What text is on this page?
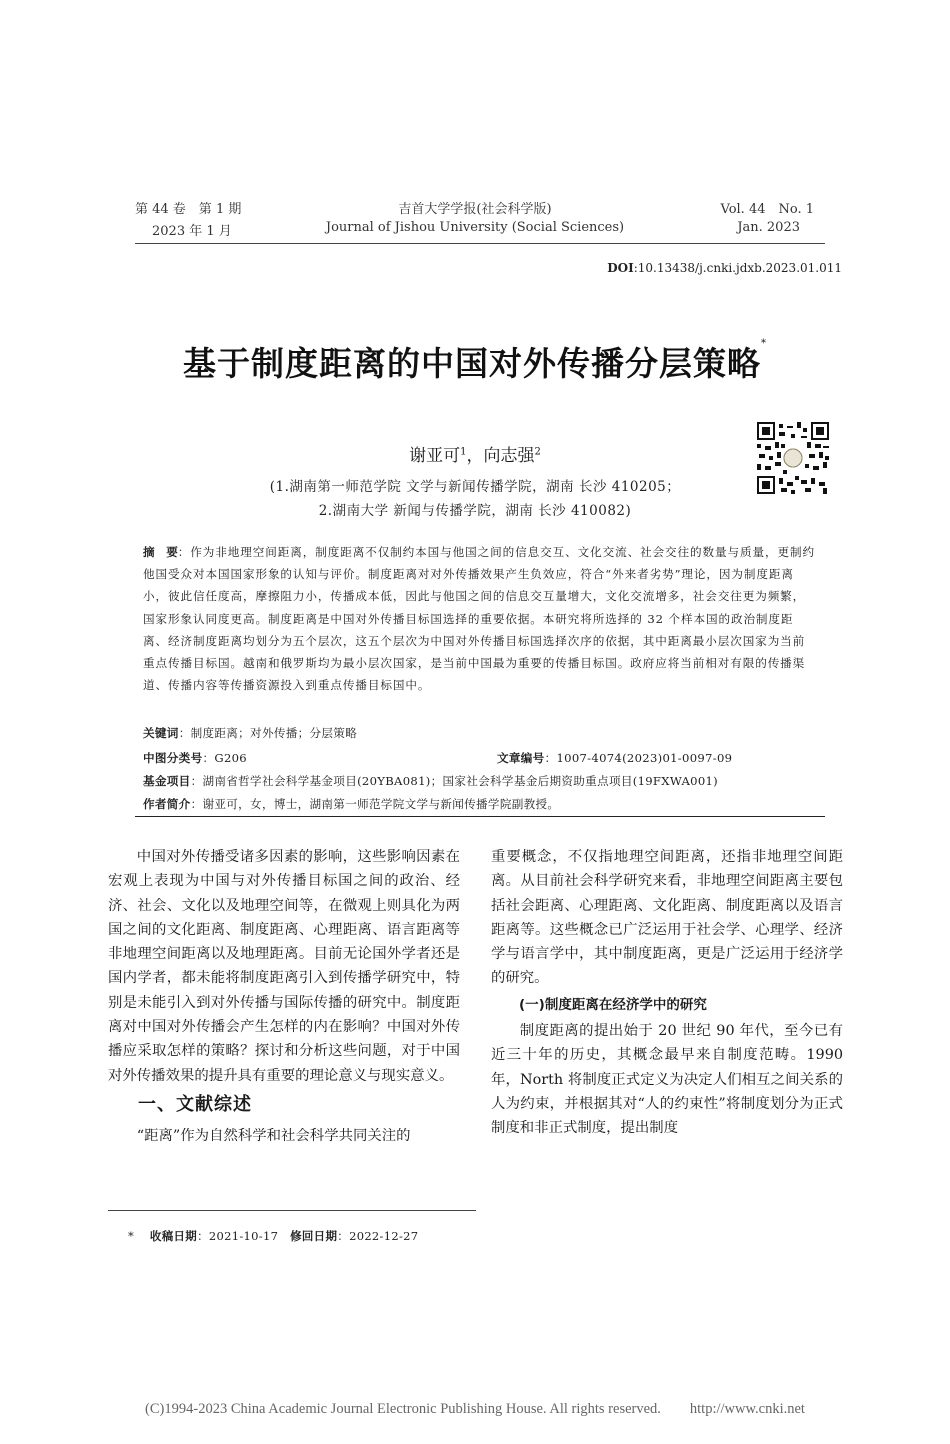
第 44 卷　第 1 期
2023 年 1 月
吉首大学学报(社会科学版)
Journal of Jishou University (Social Sciences)
Vol. 44　No. 1
Jan. 2023
DOI:10.13438/j.cnki.jdxb.2023.01.011
基于制度距离的中国对外传播分层策略*
谢亚可$^1$，向志强$^2$
(1.湖南第一师范学院 文学与新闻传播学院，湖南 长沙 410205；
2.湖南大学 新闻与传播学院，湖南 长沙 410082)
摘　要：作为非地理空间距离，制度距离不仅制约本国与他国之间的信息交互、文化交流、社会交往的数量与质量，更制约他国受众对本国国家形象的认知与评价。制度距离对对外传播效果产生负效应，符合“外来者劣势”理论，因为制度距离小，彼此信任度高，摩擦阻力小，传播成本低，因此与他国之间的信息交互量增大，文化交流增多，社会交往更为频繁，国家形象认同度更高。制度距离是中国对外传播目标国选择的重要依据。本研究将所选择的 32 个样本国的政治制度距离、经济制度距离均划分为五个层次，这五个层次为中国对外传播目标国选择次序的依据，其中距离最小层次国家为当前重点传播目标国。越南和俄罗斯均为最小层次国家，是当前中国最为重要的传播目标国。政府应将当前相对有限的传播渠道、传播内容等传播资源投入到重点传播目标国中。
关键词：制度距离；对外传播；分层策略
中图分类号：G206	文章编号：1007-4074(2023)01-0097-09
基金项目：湖南省哲学社会科学基金项目(20YBA081)；国家社会科学基金后期资助重点项目(19FXWA001)
作者简介：谢亚可，女，博士，湖南第一师范学院文学与新闻传播学院副教授。

中国对外传播受诸多因素的影响，这些影响因素在宏观上表现为中国与对外传播目标国之间的政治、经济、社会、文化以及地理空间等，在微观上则具化为两国之间的文化距离、制度距离、心理距离、语言距离等非地理空间距离以及地理距离。目前无论国外学者还是国内学者，都未能将制度距离引入到传播学研究中，特别是未能引入到对外传播与国际传播的研究中。制度距离对中国对外传播会产生怎样的内在影响？中国对外传播应采取怎样的策略？探讨和分析这些问题，对于中国对外传播效果的提升具有重要的理论意义与现实意义。

一、文献综述

“距离”作为自然科学和社会科学共同关注的

重要概念，不仅指地理空间距离，还指非地理空间距离。从目前社会科学研究来看，非地理空间距离主要包括社会距离、心理距离、文化距离、制度距离以及语言距离等。这些概念已广泛运用于社会学、心理学、经济学与语言学中，其中制度距离，更是广泛运用于经济学的研究。

(一)制度距离在经济学中的研究

制度距离的提出始于 20 世纪 90 年代，至今已有近三十年的历史，其概念最早来自制度范畴。1990 年，North 将制度正式定义为决定人们相互之间关系的人为约束，并根据其对“人的约束性”将制度划分为正式制度和非正式制度，提出制度

* 收稿日期：2021-10-17 修回日期：2022-12-27
(C)1994-2023 China Academic Journal Electronic Publishing House. All rights reserved.　　http://www.cnki.net
